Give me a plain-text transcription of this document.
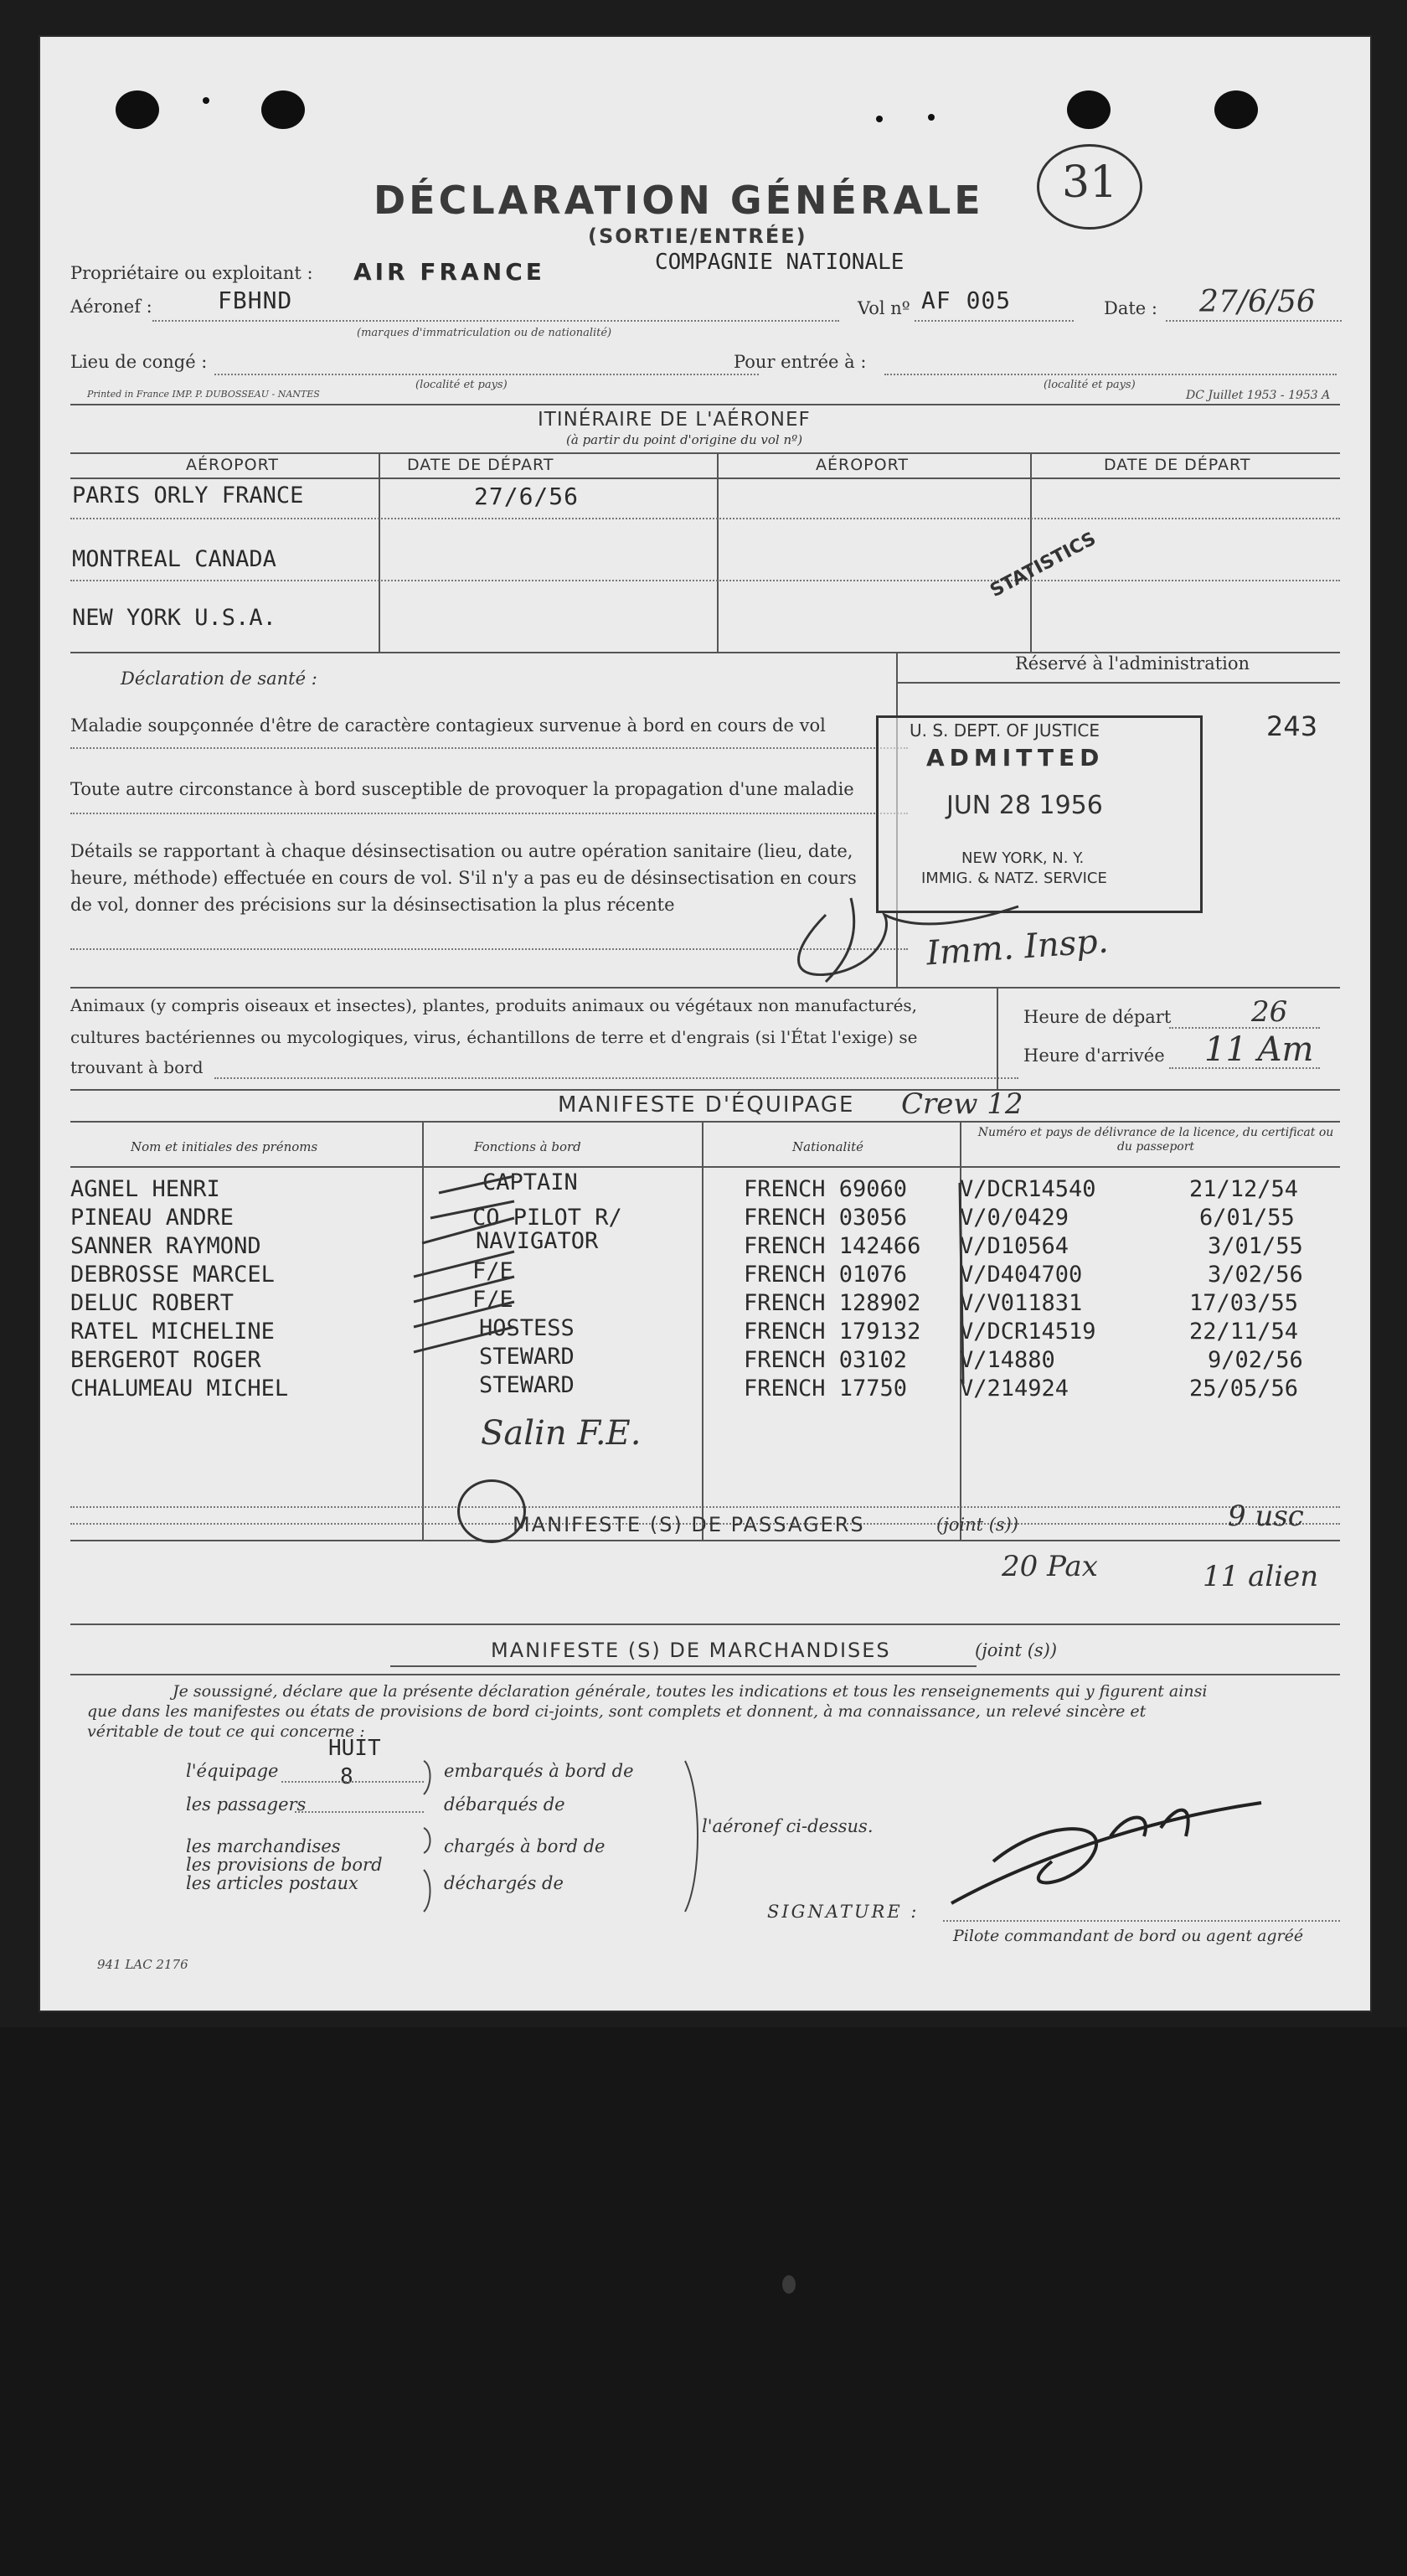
DÉCLARATION GÉNÉRALE 31
(SORTIE/ENTRÉE)
Propriétaire ou exploitant : AIR FRANCE	COMPAGNIE NATIONALE
Aéronef :	FBHND
(marques d'immatriculation ou de nationalité)
Vol nº AF 005	Date : 27/6/56
Lieu de congé :	Pour entrée à :
(localité et pays)	(localité et pays)
Printed in France IMP. P. DUBOSSEAU - NANTES	DC Juillet 1953 - 1953 A
ITINÉRAIRE DE L'AÉRONEF
(à partir du point d'origine du vol nº)
AÉROPORT	DATE DE DÉPART	AÉROPORT	DATE DE DÉPART
PARIS ORLY FRANCE	27/6/56
MONTREAL CANADA
NEW YORK U.S.A.
STATISTICS
Déclaration de santé :
Maladie soupçonnée d'être de caractère contagieux survenue à bord en cours de vol
Toute autre circonstance à bord susceptible de provoquer la propagation d'une maladie
Détails se rapportant à chaque désinsectisation ou autre opération sanitaire (lieu, date,
heure, méthode) effectuée en cours de vol. S'il n'y a pas eu de désinsectisation en cours
de vol, donner des précisions sur la désinsectisation la plus récente
Réservé à l'administration
243
U. S. DEPT. OF JUSTICE
ADMITTED
JUN 28 1956
NEW YORK, N. Y.
IMMIG. & NATZ. SERVICE
Imm. Insp.
Animaux (y compris oiseaux et insectes), plantes, produits animaux ou végétaux non manufacturés,
cultures bactériennes ou mycologiques, virus, échantillons de terre et d'engrais (si l'État l'exige) se
trouvant à bord
Heure de départ	26
Heure d'arrivée 11 Am
MANIFESTE D'ÉQUIPAGE Crew 12
Nom et initiales des prénoms	Fonctions à bord	Nationalité
Numéro et pays de délivrance de la licence, du certificat ou du passeport
AGNEL HENRI	CAPTAIN	FRENCH 69060 V/DCR14540	21/12/54
PINEAU ANDRE	CO PILOT R/	FRENCH 03056 V/0/0429	6/01/55
SANNER RAYMOND	NAVIGATOR	FRENCH 142466 V/D10564	3/01/55
DEBROSSE MARCEL	F/E	FRENCH 01076 V/D404700	3/02/56
DELUC ROBERT	F/E	FRENCH 128902 V/V011831	17/03/55
RATEL MICHELINE	HOSTESS	FRENCH 179132 V/DCR14519	22/11/54
BERGEROT ROGER	STEWARD	FRENCH 03102 V/14880	9/02/56
CHALUMEAU MICHEL	STEWARD	FRENCH 17750 V/214924	25/05/56
Salin F.E.
MANIFESTE (S) DE PASSAGERS	(joint (s))	9 usc
20 Pax	11 alien
MANIFESTE (S) DE MARCHANDISES	(joint (s))
Je soussigné, déclare que la présente déclaration générale, toutes les indications et tous les renseignements qui y figurent ainsi
que dans les manifestes ou états de provisions de bord ci-joints, sont complets et donnent, à ma connaissance, un relevé sincère et
véritable de tout ce qui concerne :
HUIT
8
l'équipage
les passagers
les marchandises
les provisions de bord
les articles postaux
embarqués à bord de
débarqués de
chargés à bord de
déchargés de
l'aéronef ci-dessus.
SIGNATURE :
Pilote commandant de bord ou agent agréé
941 LAC 2176
